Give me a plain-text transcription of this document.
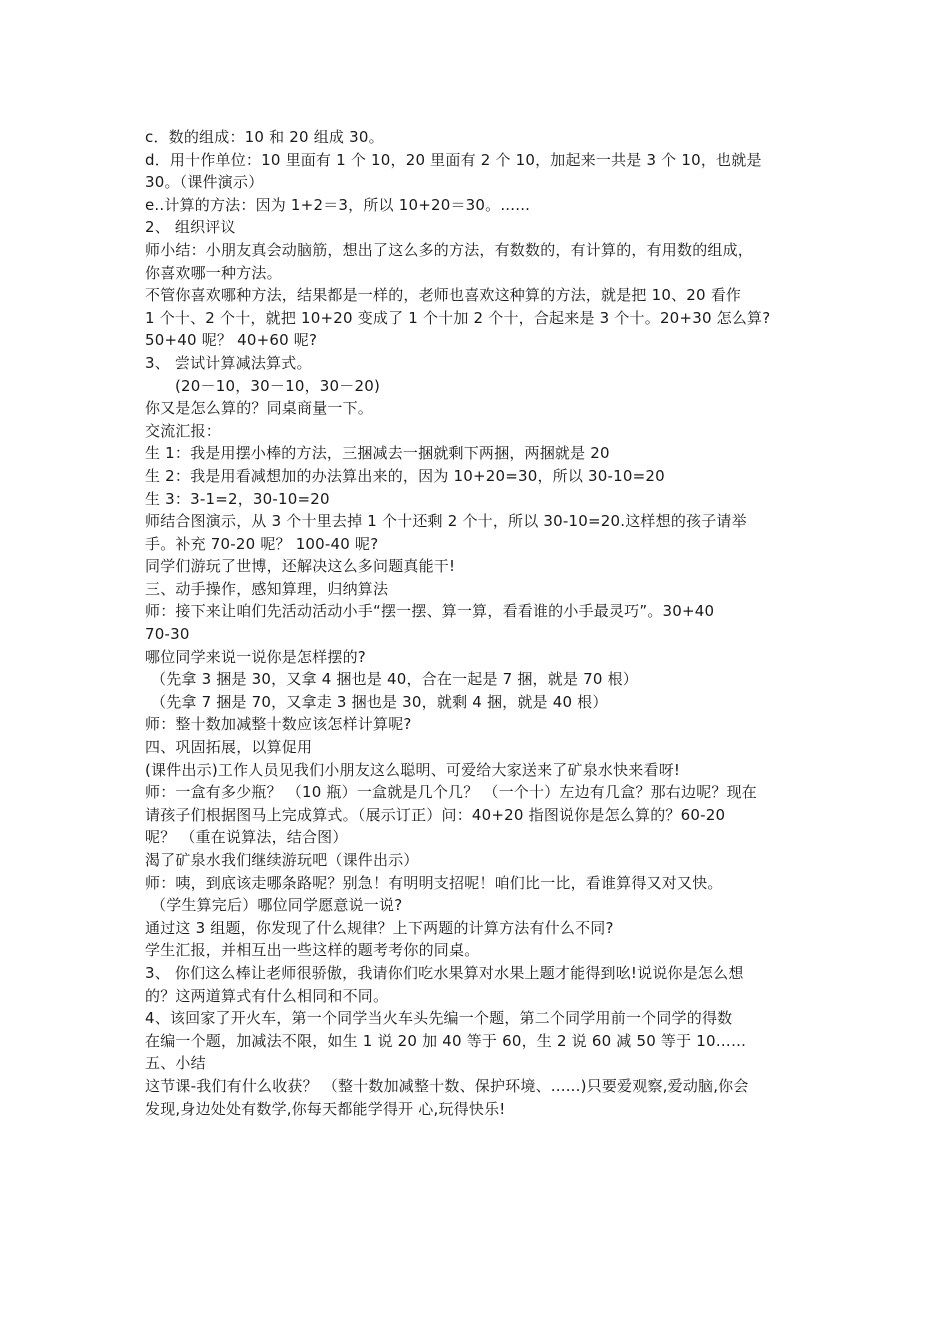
c．数的组成：10 和 20 组成 30。
d．用十作单位：10 里面有 1 个 10，20 里面有 2 个 10，加起来一共是 3 个 10，也就是
30。（课件演示）
e..计算的方法：因为 1+2＝3，所以 10+20＝30。......
2、 组织评议
师小结：小朋友真会动脑筋，想出了这么多的方法，有数数的，有计算的，有用数的组成，
你喜欢哪一种方法。
不管你喜欢哪种方法，结果都是一样的，老师也喜欢这种算的方法，就是把 10、20 看作
1 个十、2 个十，就把 10+20 变成了 1 个十加 2 个十，合起来是 3 个十。20+30 怎么算?
50+40 呢？ 40+60 呢?
3、 尝试计算减法算式。
(20－10，30－10，30－20)
你又是怎么算的？同桌商量一下。
交流汇报：
生 1：我是用摆小棒的方法，三捆减去一捆就剩下两捆，两捆就是 20
生 2：我是用看减想加的办法算出来的，因为 10+20=30，所以 30-10=20
生 3：3-1=2，30-10=20
师结合图演示，从 3 个十里去掉 1 个十还剩 2 个十，所以 30-10=20.这样想的孩子请举
手。补充 70-20 呢？ 100-40 呢?
同学们游玩了世博，还解决这么多问题真能干!
三、动手操作，感知算理，归纳算法
师：接下来让咱们先活动活动小手“摆一摆、算一算，看看谁的小手最灵巧”。30+40
70-30
哪位同学来说一说你是怎样摆的?
（先拿 3 捆是 30，又拿 4 捆也是 40，合在一起是 7 捆，就是 70 根）
（先拿 7 捆是 70，又拿走 3 捆也是 30，就剩 4 捆，就是 40 根）
师：整十数加减整十数应该怎样计算呢?
四、巩固拓展，以算促用
(课件出示)工作人员见我们小朋友这么聪明、可爱给大家送来了矿泉水快来看呀!
师：一盒有多少瓶？ （10 瓶）一盒就是几个几？ （一个十）左边有几盒？那右边呢？现在
请孩子们根据图马上完成算式。（展示订正）问：40+20 指图说你是怎么算的？60-20
呢？ （重在说算法，结合图）
渴了矿泉水我们继续游玩吧（课件出示）
师：咦，到底该走哪条路呢？别急！有明明支招呢！咱们比一比，看谁算得又对又快。
（学生算完后）哪位同学愿意说一说?
通过这 3 组题，你发现了什么规律？上下两题的计算方法有什么不同?
学生汇报，并相互出一些这样的题考考你的同桌。
3、 你们这么棒让老师很骄傲，我请你们吃水果算对水果上题才能得到吆!说说你是怎么想
的？这两道算式有什么相同和不同。
4、该回家了开火车，第一个同学当火车头先编一个题，第二个同学用前一个同学的得数
在编一个题，加减法不限，如生 1 说 20 加 40 等于 60，生 2 说 60 减 50 等于 10……
五、小结
这节课-我们有什么收获？ （整十数加减整十数、保护环境、......)只要爱观察,爱动脑,你会
发现,身边处处有数学,你每天都能学得开 心,玩得快乐!
